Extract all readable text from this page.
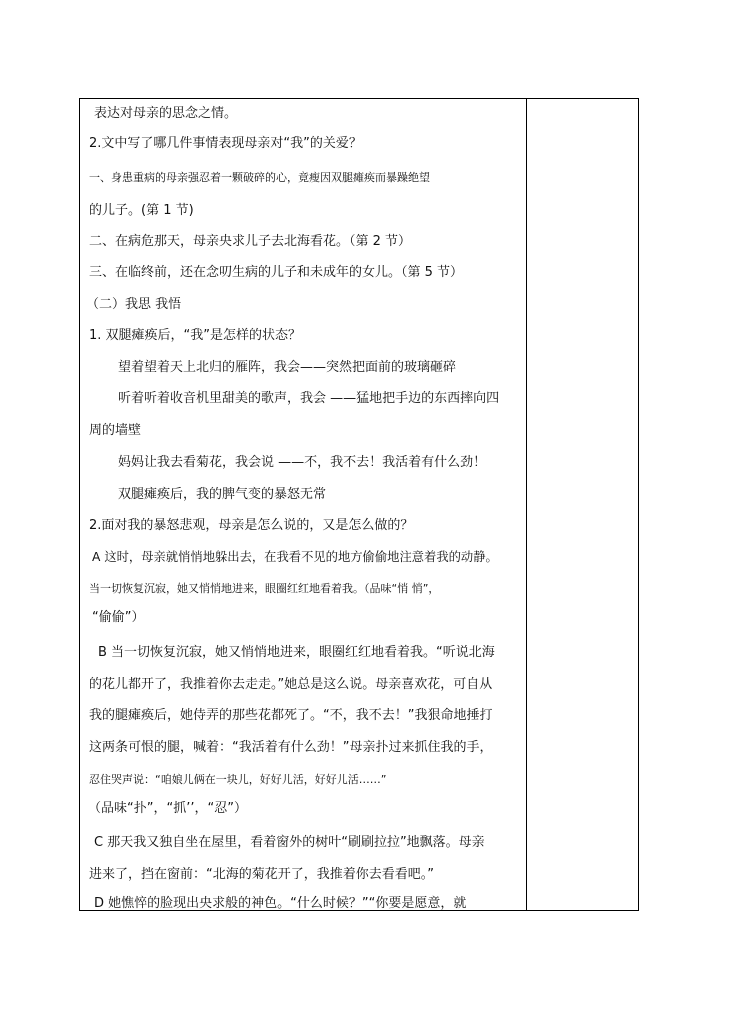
表达对母亲的思念之情。
2.文中写了哪几件事情表现母亲对“我”的关爱？
一、身患重病的母亲强忍着一颗破碎的心，竟瘦因双腿瘫痪而暴躁绝望
的儿子。(第 1 节)
二、在病危那天，母亲央求儿子去北海看花。（第 2 节）
三、在临终前，还在念叨生病的儿子和未成年的女儿。（第 5 节）
（二）我思 我悟
1. 双腿瘫痪后，“我”是怎样的状态？
望着望着天上北归的雁阵，我会——突然把面前的玻璃砸碎
听着听着收音机里甜美的歌声，我会 ——猛地把手边的东西摔向四
周的墙壁
妈妈让我去看菊花，我会说 ——不，我不去！我活着有什么劲！
双腿瘫痪后，我的脾气变的暴怒无常
2.面对我的暴怒悲观，母亲是怎么说的，又是怎么做的？
A 这时，母亲就悄悄地躲出去，在我看不见的地方偷偷地注意着我的动静。
当一切恢复沉寂，她又悄悄地进来，眼圈红红地看着我。（品味“悄 悄”，
“偷偷”）
B 当一切恢复沉寂，她又悄悄地进来，眼圈红红地看着我。“听说北海
的花儿都开了，我推着你去走走。”她总是这么说。母亲喜欢花，可自从
我的腿瘫痪后，她侍弄的那些花都死了。“不，我不去！”我狠命地捶打
这两条可恨的腿，喊着：“我活着有什么劲！”母亲扑过来抓住我的手，
忍住哭声说：“咱娘儿俩在一块儿，好好儿活，好好儿活……”
（品味“扑”，“抓’’，“忍”）
C 那天我又独自坐在屋里，看着窗外的树叶“刷刷拉拉”地飘落。母亲
进来了，挡在窗前：“北海的菊花开了，我推着你去看看吧。”
D 她憔悴的脸现出央求般的神色。“什么时候？”“你要是愿意，就
